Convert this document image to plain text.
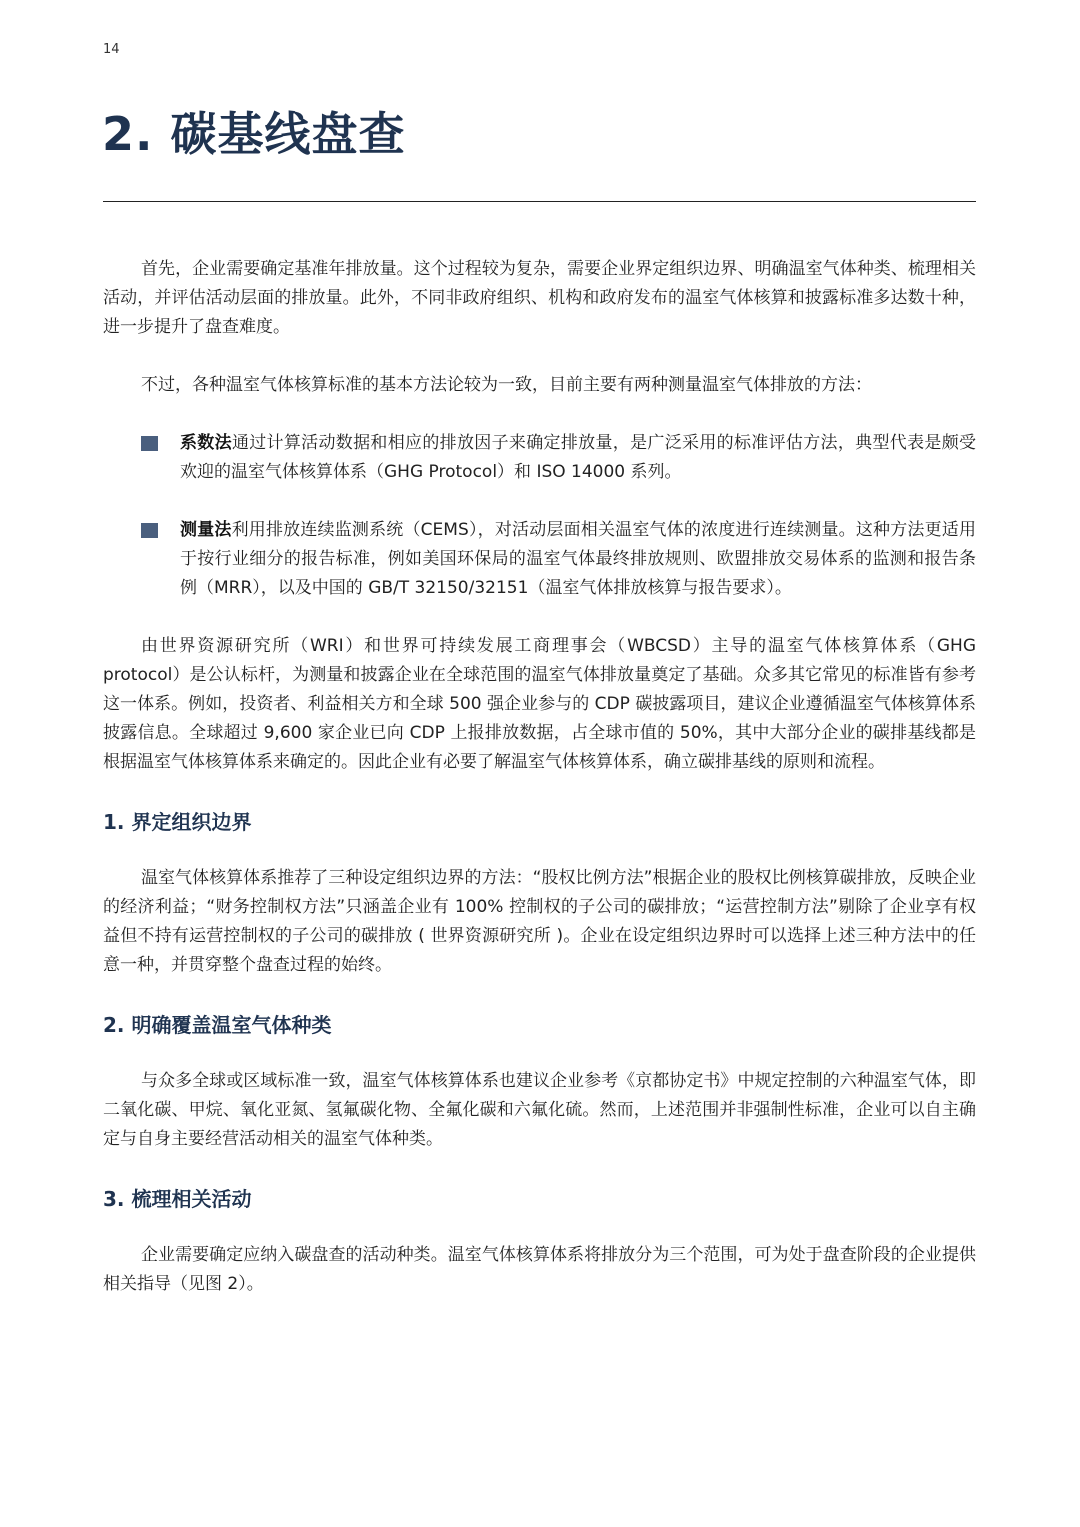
14
2. 碳基线盘查

首先，企业需要确定基准年排放量。这个过程较为复杂，需要企业界定组织边界、明确温室气体种类、梳理相关活动，并评估活动层面的排放量。此外，不同非政府组织、机构和政府发布的温室气体核算和披露标准多达数十种，进一步提升了盘查难度。

不过，各种温室气体核算标准的基本方法论较为一致，目前主要有两种测量温室气体排放的方法：

系数法通过计算活动数据和相应的排放因子来确定排放量，是广泛采用的标准评估方法，典型代表是颇受欢迎的温室气体核算体系（GHG Protocol）和 ISO 14000 系列。

测量法利用排放连续监测系统（CEMS），对活动层面相关温室气体的浓度进行连续测量。这种方法更适用于按行业细分的报告标准，例如美国环保局的温室气体最终排放规则、欧盟排放交易体系的监测和报告条例（MRR），以及中国的 GB/T 32150/32151（温室气体排放核算与报告要求）。

由世界资源研究所（WRI）和世界可持续发展工商理事会（WBCSD）主导的温室气体核算体系（GHG protocol）是公认标杆，为测量和披露企业在全球范围的温室气体排放量奠定了基础。众多其它常见的标准皆有参考这一体系。例如，投资者、利益相关方和全球 500 强企业参与的 CDP 碳披露项目，建议企业遵循温室气体核算体系披露信息。全球超过 9,600 家企业已向 CDP 上报排放数据，占全球市值的 50%，其中大部分企业的碳排基线都是根据温室气体核算体系来确定的。因此企业有必要了解温室气体核算体系，确立碳排基线的原则和流程。

1. 界定组织边界

温室气体核算体系推荐了三种设定组织边界的方法：“股权比例方法”根据企业的股权比例核算碳排放，反映企业的经济利益；“财务控制权方法”只涵盖企业有 100% 控制权的子公司的碳排放；“运营控制方法”剔除了企业享有权益但不持有运营控制权的子公司的碳排放 ( 世界资源研究所 )。企业在设定组织边界时可以选择上述三种方法中的任意一种，并贯穿整个盘查过程的始终。

2. 明确覆盖温室气体种类

与众多全球或区域标准一致，温室气体核算体系也建议企业参考《京都协定书》中规定控制的六种温室气体，即二氧化碳、甲烷、氧化亚氮、氢氟碳化物、全氟化碳和六氟化硫。然而，上述范围并非强制性标准，企业可以自主确定与自身主要经营活动相关的温室气体种类。

3. 梳理相关活动

企业需要确定应纳入碳盘查的活动种类。温室气体核算体系将排放分为三个范围，可为处于盘查阶段的企业提供相关指导（见图 2）。
